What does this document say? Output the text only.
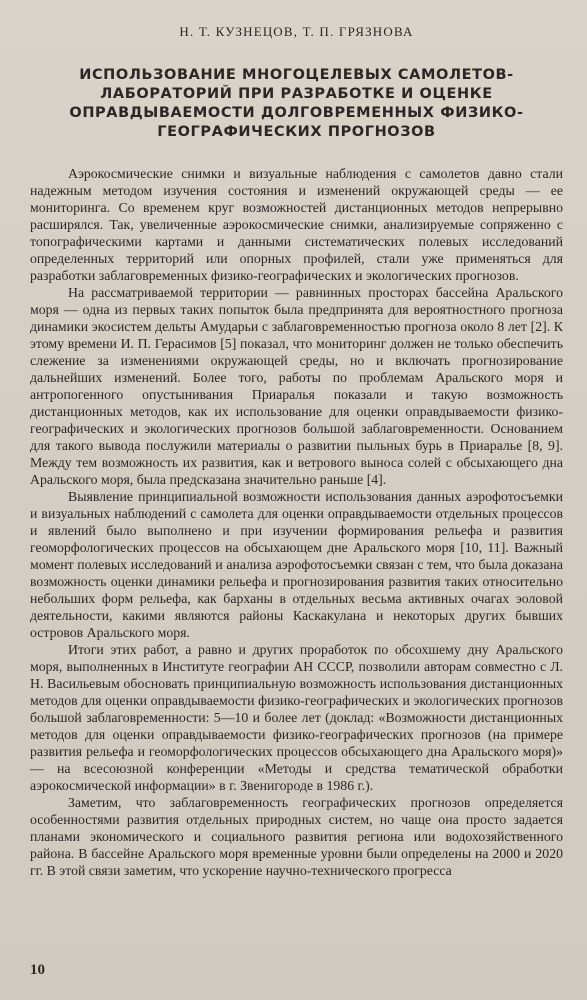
Н. Т. КУЗНЕЦОВ, Т. П. ГРЯЗНОВА
ИСПОЛЬЗОВАНИЕ МНОГОЦЕЛЕВЫХ САМОЛЕТОВ-
ЛАБОРАТОРИЙ ПРИ РАЗРАБОТКЕ И ОЦЕНКЕ
ОПРАВДЫВАЕМОСТИ ДОЛГОВРЕМЕННЫХ ФИЗИКО-
ГЕОГРАФИЧЕСКИХ ПРОГНОЗОВ

Аэрокосмические снимки и визуальные наблюдения с самолетов давно стали надежным методом изучения состояния и изменений окружающей среды — ее мониторинга. Со временем круг возможностей дистанционных методов непрерывно расширялся. Так, увеличенные аэрокосмические снимки, анализируемые сопряженно с топографическими картами и данными систематических полевых исследований определенных территорий или опорных профилей, стали уже применяться для разработки заблаговременных физико-географических и экологических прогнозов.

На рассматриваемой территории — равнинных просторах бассейна Аральского моря — одна из первых таких попыток была предпринята для вероятностного прогноза динамики экосистем дельты Амударьи с заблаговременностью прогноза около 8 лет [2]. К этому времени И. П. Герасимов [5] показал, что мониторинг должен не только обеспечить слежение за изменениями окружающей среды, но и включать прогнозирование дальнейших изменений. Более того, работы по проблемам Аральского моря и антропогенного опустынивания Приаралья показали и такую возможность дистанционных методов, как их использование для оценки оправдываемости физико-географических и экологических прогнозов большой заблаговременности. Основанием для такого вывода послужили материалы о развитии пыльных бурь в Приаралье [8, 9]. Между тем возможность их развития, как и ветрового выноса солей с обсыхающего дна Аральского моря, была предсказана значительно раньше [4].

Выявление принципиальной возможности использования данных аэрофотосъемки и визуальных наблюдений с самолета для оценки оправдываемости отдельных процессов и явлений было выполнено и при изучении формирования рельефа и развития геоморфологических процессов на обсыхающем дне Аральского моря [10, 11]. Важный момент полевых исследований и анализа аэрофотосъемки связан с тем, что была доказана возможность оценки динамики рельефа и прогнозирования развития таких относительно небольших форм рельефа, как барханы в отдельных весьма активных очагах эоловой деятельности, какими являются районы Каскакулана и некоторых других бывших островов Аральского моря.

Итоги этих работ, а равно и других проработок по обсохшему дну Аральского моря, выполненных в Институте географии АН СССР, позволили авторам совместно с Л. Н. Васильевым обосновать принципиальную возможность использования дистанционных методов для оценки оправдываемости физико-географических и экологических прогнозов большой заблаговременности: 5—10 и более лет (доклад: «Возможности дистанционных методов для оценки оправдываемости физико-географических прогнозов (на примере развития рельефа и геоморфологических процессов обсыхающего дна Аральского моря)» — на всесоюзной конференции «Методы и средства тематической обработки аэрокосмической информации» в г. Звенигороде в 1986 г.).

Заметим, что заблаговременность географических прогнозов определяется особенностями развития отдельных природных систем, но чаще она просто задается планами экономического и социального развития региона или водохозяйственного района. В бассейне Аральского моря временные уровни были определены на 2000 и 2020 гг. В этой связи заметим, что ускорение научно-технического прогресса

10
